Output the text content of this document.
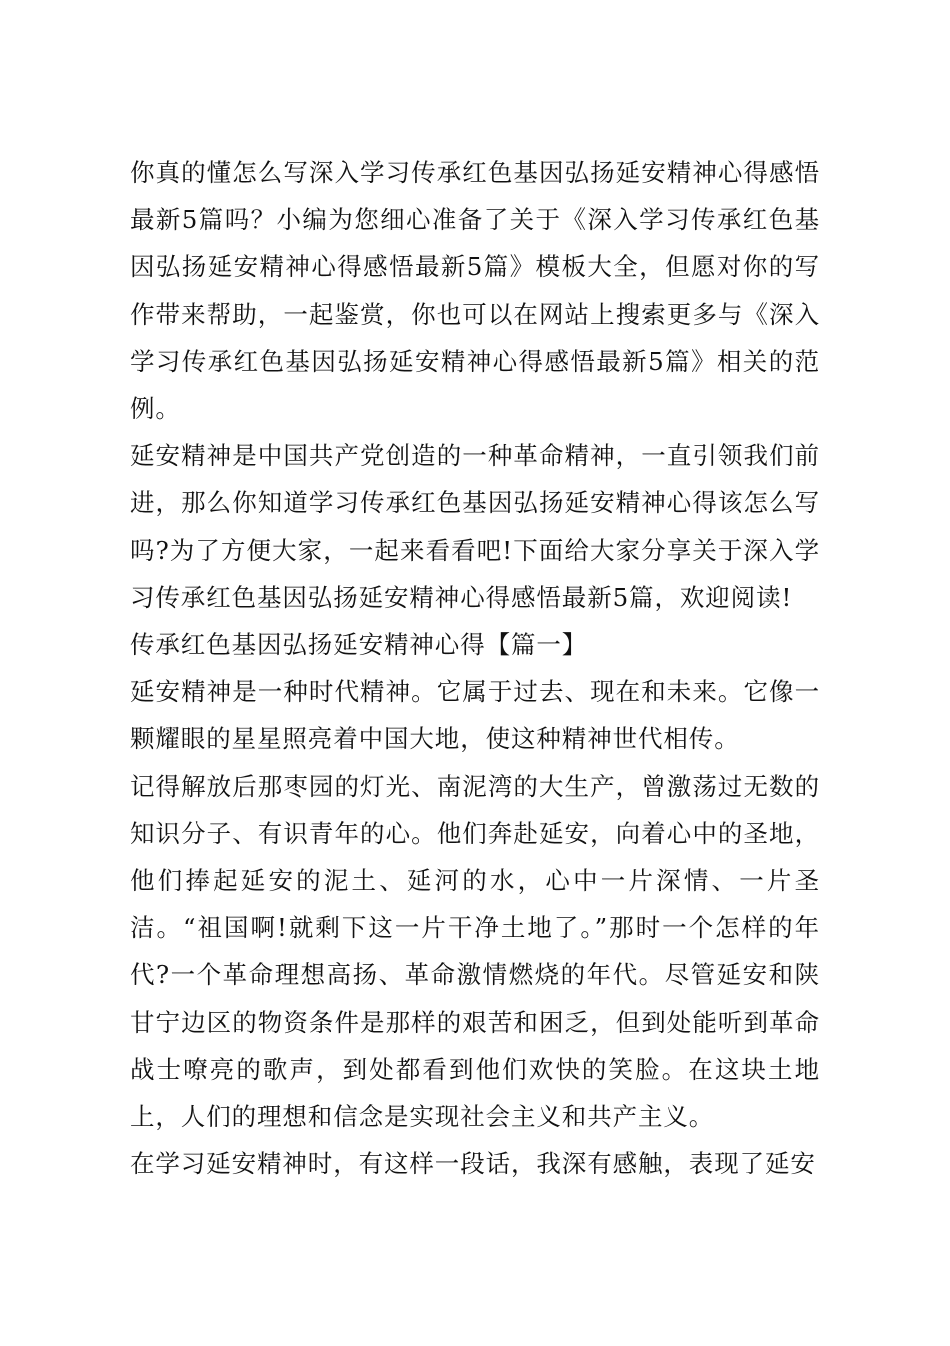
你真的懂怎么写深入学习传承红色基因弘扬延安精神心得感悟最新5篇吗？小编为您细心准备了关于《深入学习传承红色基因弘扬延安精神心得感悟最新5篇》模板大全，但愿对你的写作带来帮助，一起鉴赏，你也可以在网站上搜索更多与《深入学习传承红色基因弘扬延安精神心得感悟最新5篇》相关的范例。

延安精神是中国共产党创造的一种革命精神，一直引领我们前进，那么你知道学习传承红色基因弘扬延安精神心得该怎么写吗?为了方便大家，一起来看看吧!下面给大家分享关于深入学习传承红色基因弘扬延安精神心得感悟最新5篇，欢迎阅读!

传承红色基因弘扬延安精神心得【篇一】

延安精神是一种时代精神。它属于过去、现在和未来。它像一颗耀眼的星星照亮着中国大地，使这种精神世代相传。

记得解放后那枣园的灯光、南泥湾的大生产，曾激荡过无数的知识分子、有识青年的心。他们奔赴延安，向着心中的圣地，他们捧起延安的泥土、延河的水，心中一片深情、一片圣洁。“祖国啊!就剩下这一片干净土地了。”那时一个怎样的年代?一个革命理想高扬、革命激情燃烧的年代。尽管延安和陕甘宁边区的物资条件是那样的艰苦和困乏，但到处能听到革命战士嘹亮的歌声，到处都看到他们欢快的笑脸。在这块土地上，人们的理想和信念是实现社会主义和共产主义。

在学习延安精神时，有这样一段话，我深有感触，表现了延安
